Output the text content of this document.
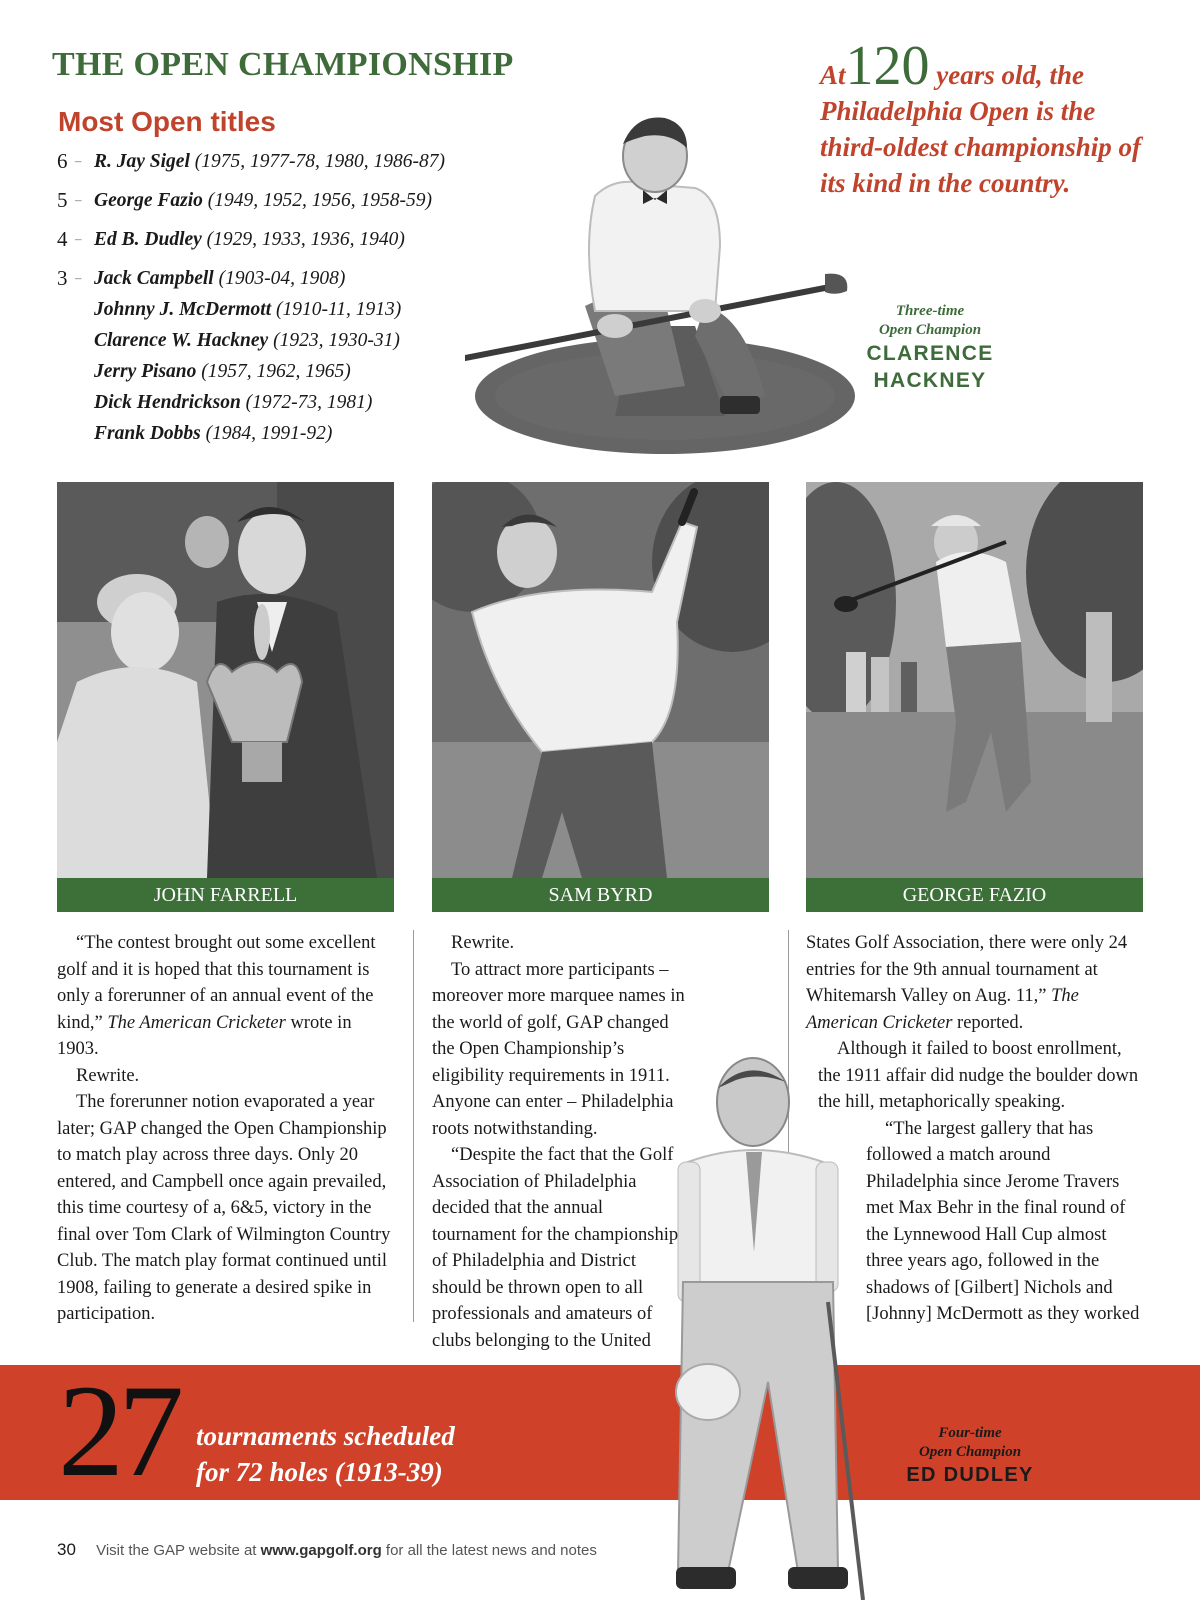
THE OPEN CHAMPIONSHIP
Most Open titles
6 – R. Jay Sigel (1975, 1977-78, 1980, 1986-87)
5 – George Fazio (1949, 1952, 1956, 1958-59)
4 – Ed B. Dudley (1929, 1933, 1936, 1940)
3 – Jack Campbell (1903-04, 1908)
Johnny J. McDermott (1910-11, 1913)
Clarence W. Hackney (1923, 1930-31)
Jerry Pisano (1957, 1962, 1965)
Dick Hendrickson (1972-73, 1981)
Frank Dobbs (1984, 1991-92)
Three-time
Open Champion
CLARENCE
HACKNEY
At120 years old, the Philadelphia Open is the third-oldest championship of its kind in the country.
JOHN FARRELL	SAM BYRD	GEORGE FAZIO

“The contest brought out some excellent golf and it is hoped that this tournament is only a forerunner of an annual event of the kind,” The American Cricketer wrote in 1903.

Rewrite.

The forerunner notion evaporated a year later; GAP changed the Open Championship to match play across three days. Only 20 entered, and Campbell once again prevailed, this time courtesy of a, 6&5, victory in the final over Tom Clark of Wilmington Country Club. The match play format continued until 1908, failing to generate a desired spike in participation.

Rewrite.

To attract more participants – moreover more marquee names in the world of golf, GAP changed the Open Championship’s eligibility requirements in 1911. Anyone can enter – Philadelphia roots notwithstanding.

“Despite the fact that the Golf Association of Philadelphia decided that the annual tournament for the championship of Philadelphia and District should be thrown open to all professionals and amateurs of clubs belonging to the United

States Golf Association, there were only 24 entries for the 9th annual tournament at Whitemarsh Valley on Aug. 11,” The American Cricketer reported.

Although it failed to boost enrollment, the 1911 affair did nudge the boulder down the hill, metaphorically speaking.

“The largest gallery that has followed a match around Philadelphia since Jerome Travers met Max Behr in the final round of the Lynnewood Hall Cup almost three years ago, followed in the shadows of [Gilbert] Nichols and [Johnny] McDermott as they worked

27 tournaments scheduled
for 72 holes (1913-39)
Four-time
Open Champion
ED DUDLEY
30 Visit the GAP website at www.gapgolf.org for all the latest news and notes
